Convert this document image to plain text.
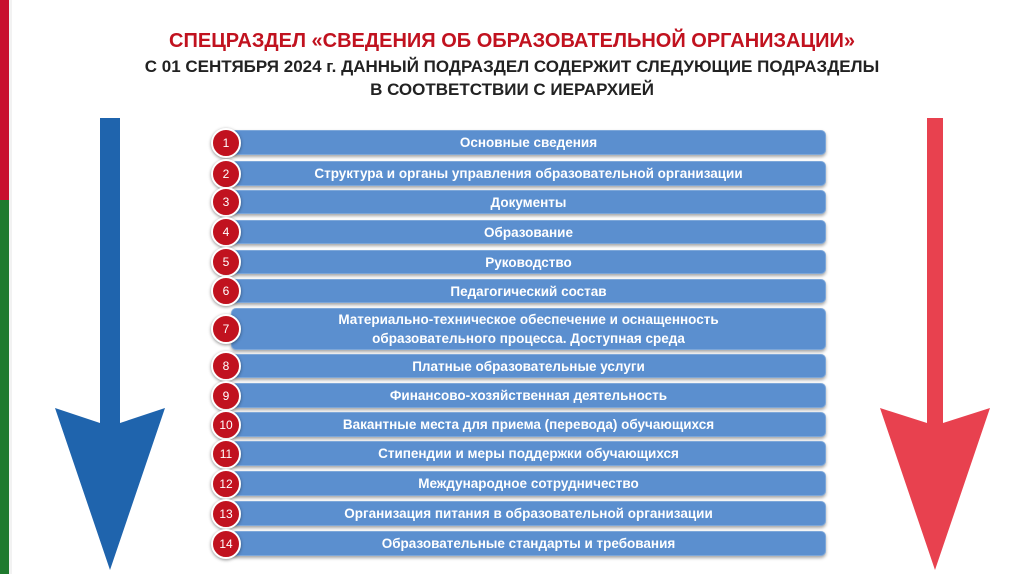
СПЕЦРАЗДЕЛ «СВЕДЕНИЯ ОБ ОБРАЗОВАТЕЛЬНОЙ ОРГАНИЗАЦИИ»
С 01 СЕНТЯБРЯ 2024 г. ДАННЫЙ ПОДРАЗДЕЛ СОДЕРЖИТ СЛЕДУЮЩИЕ ПОДРАЗДЕЛЫ
В СООТВЕТСТВИИ С ИЕРАРХИЕЙ
1	Основные сведения
2	Структура и органы управления образовательной организации
3	Документы
4	Образование
5	Руководство
6	Педагогический состав
7
Материально-техническое обеспечение и оснащенность
образовательного процесса. Доступная среда
8	Платные образовательные услуги
9	Финансово-хозяйственная деятельность
10	Вакантные места для приема (перевода) обучающихся
11	Стипендии и меры поддержки обучающихся
12	Международное сотрудничество
13	Организация питания в образовательной организации
14	Образовательные стандарты и требования
